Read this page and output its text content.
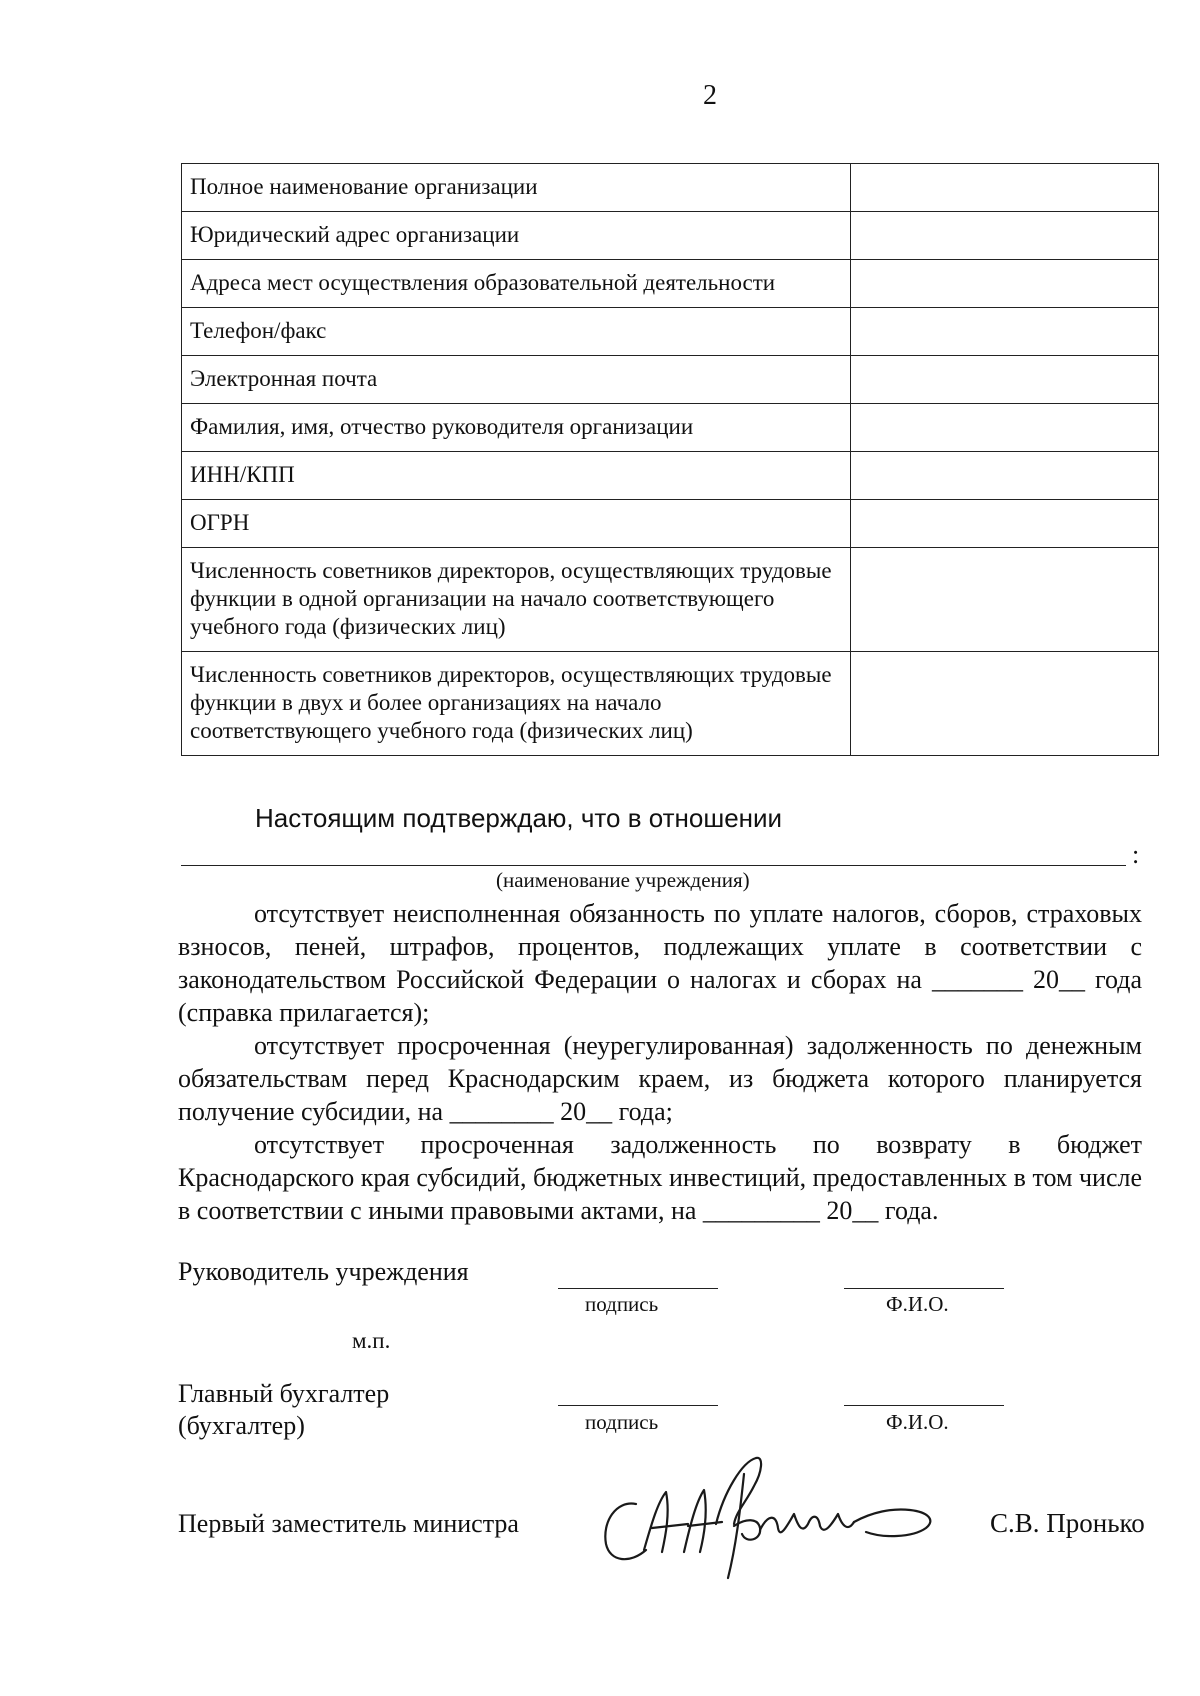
2
Полное наименование организации	
Юридический адрес организации	
Адреса мест осуществления образовательной деятельности	
Телефон/факс	
Электронная почта	
Фамилия, имя, отчество руководителя организации	
ИНН/КПП	
ОГРН	
Численность советников директоров, осуществляющих трудовые функции в одной организации на начало соответствующего учебного года (физических лиц)	
Численность советников директоров, осуществляющих трудовые функции в двух и более организациях на начало соответствующего учебного года (физических лиц)	
Настоящим подтверждаю, что в отношении
:
(наименование учреждения)

отсутствует неисполненная обязанность по уплате налогов, сборов, страховых взносов, пеней, штрафов, процентов, подлежащих уплате в соответствии с законодательством Российской Федерации о налогах и сборах на _______ 20__ года (справка прилагается);

отсутствует просроченная (неурегулированная) задолженность по денежным обязательствам перед Краснодарским краем, из бюджета которого планируется получение субсидии, на ________ 20__ года;

отсутствует просроченная задолженность по возврату в бюджет Краснодарского края субсидий, бюджетных инвестиций, предоставленных в том числе в соответствии с иными правовыми актами, на _________ 20__ года.

Руководитель учреждения
подпись	Ф.И.О.
м.п.
Главный бухгалтер
(бухгалтер)	подпись	Ф.И.О.
Первый заместитель министра	С.В. Пронько
